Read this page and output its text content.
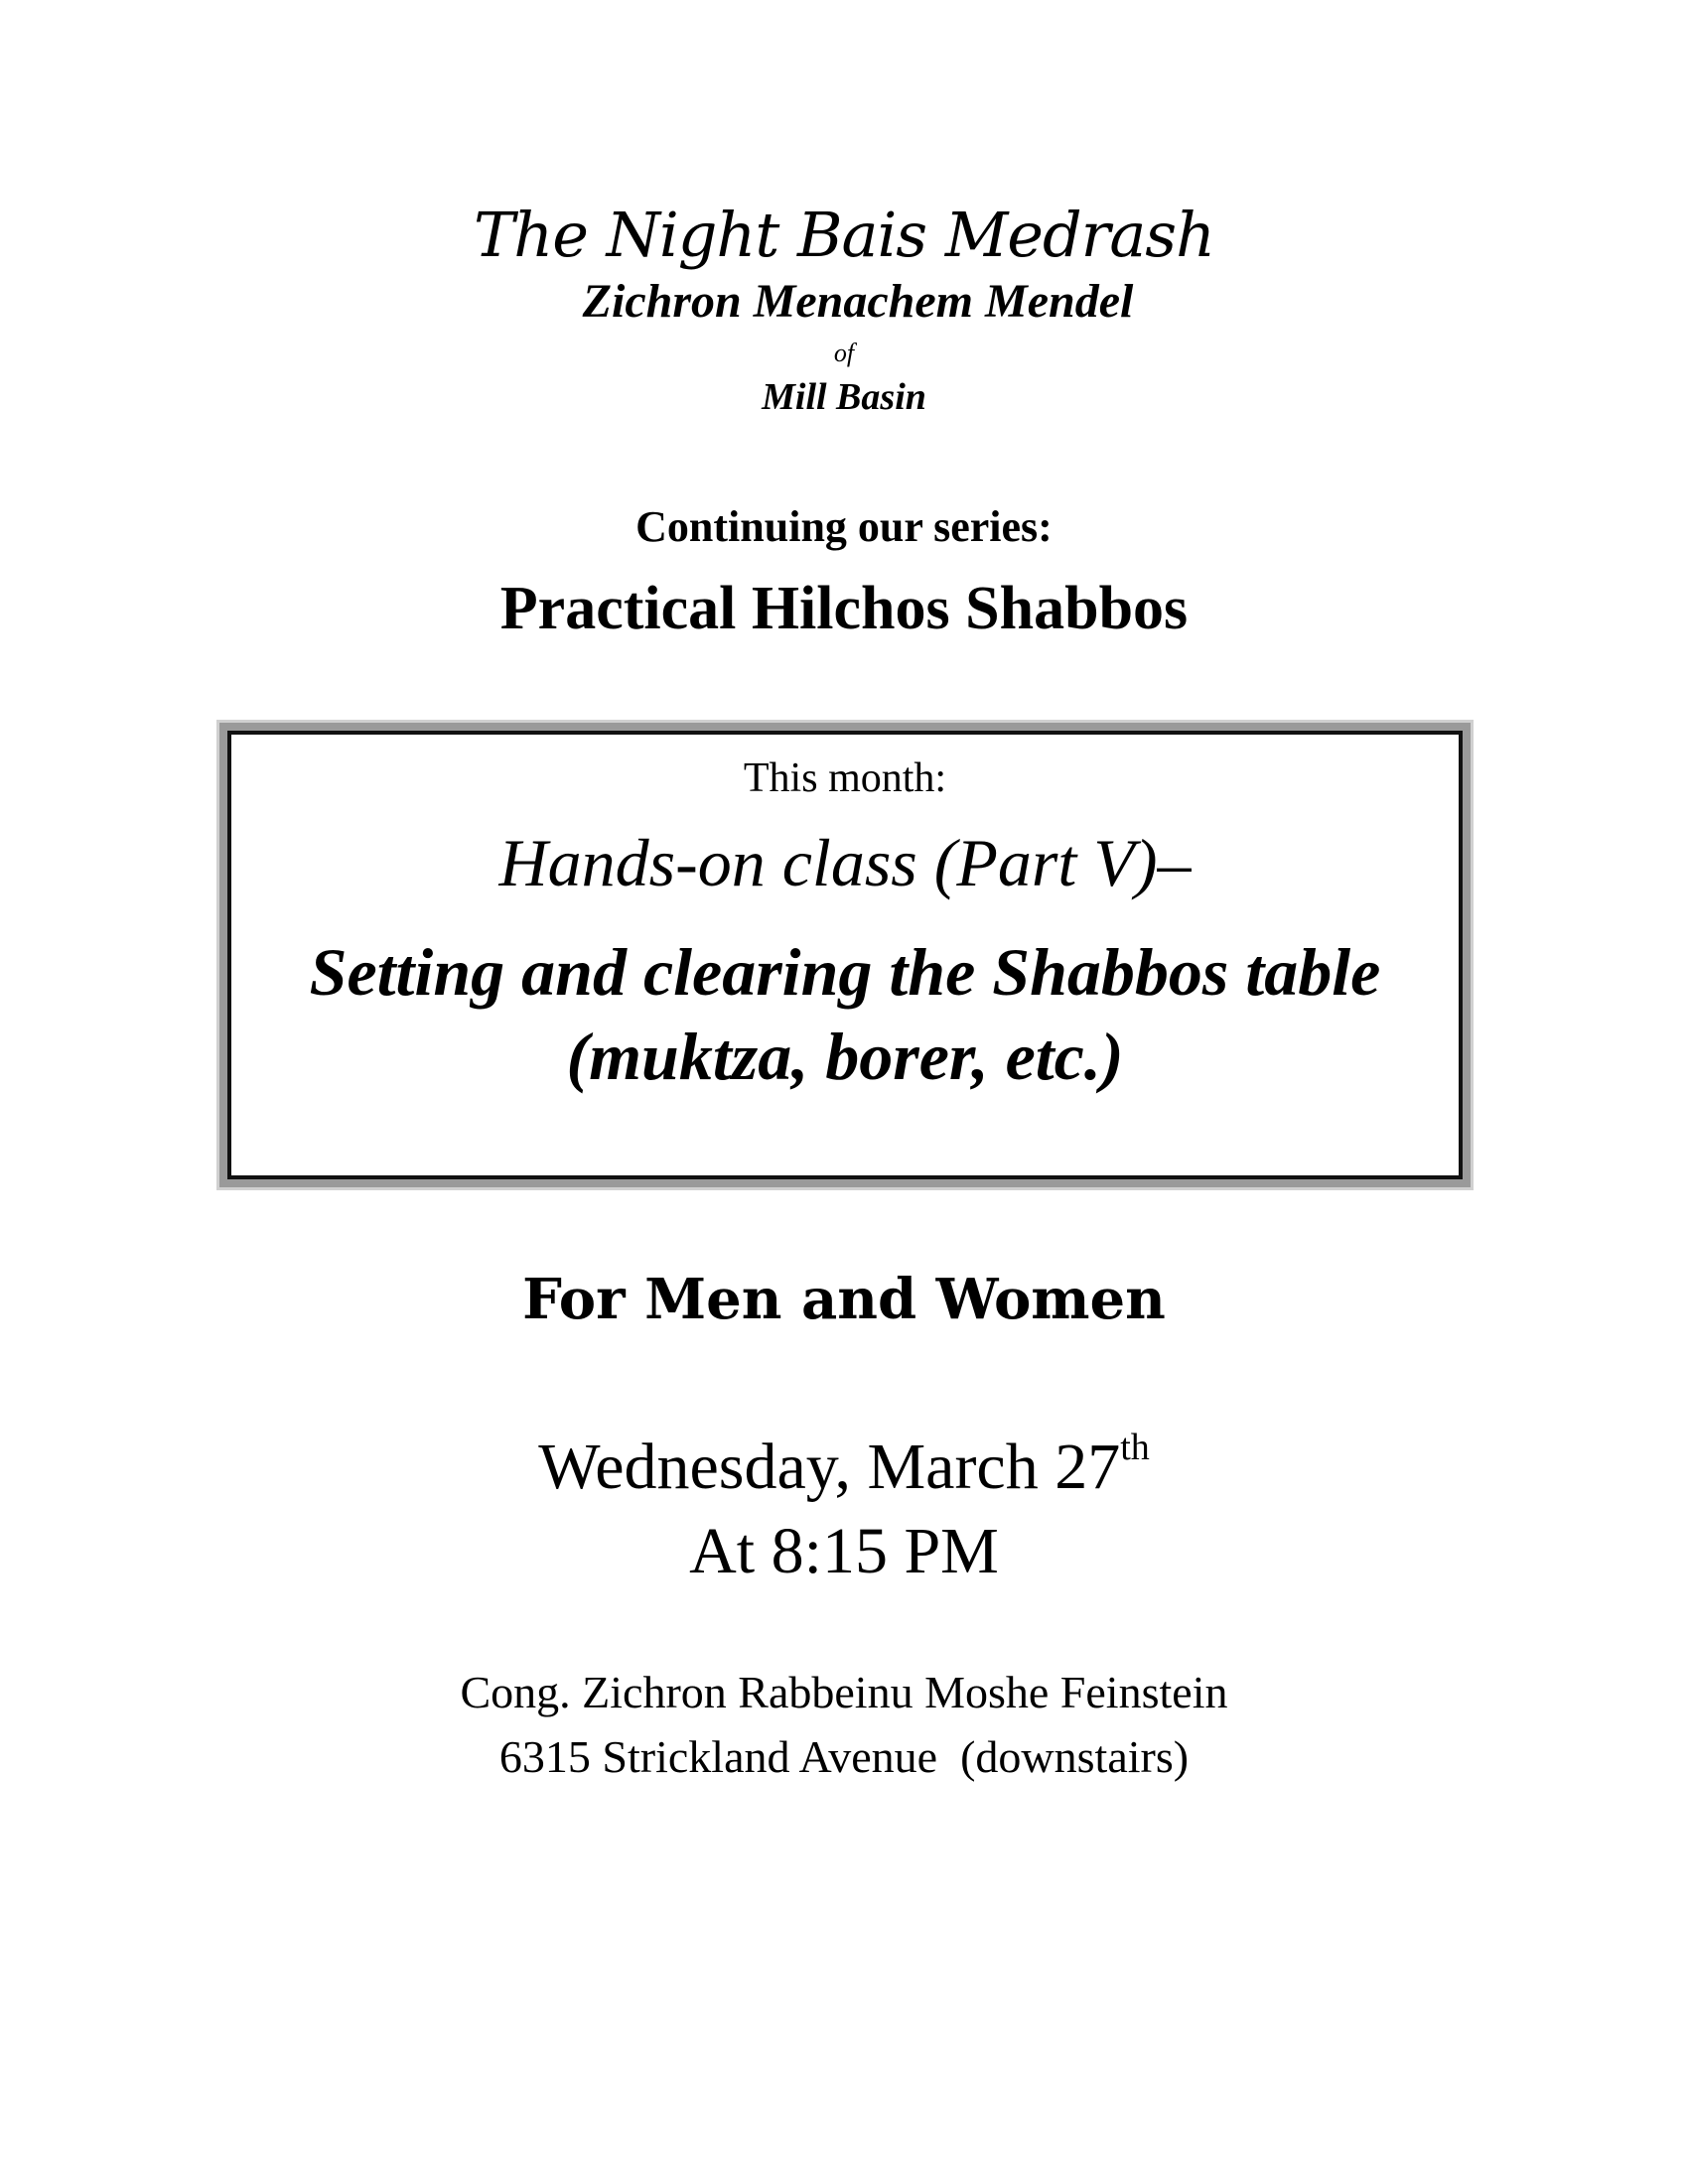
The Night Bais Medrash
Zichron Menachem Mendel
of
Mill Basin
Continuing our series:
Practical Hilchos Shabbos
This month:
Hands-on class (Part V)–
Setting and clearing the Shabbos table
(muktza, borer, etc.)
For Men and Women
Wednesday, March 27th
At 8:15 PM
Cong. Zichron Rabbeinu Moshe Feinstein
6315 Strickland Avenue  (downstairs)
